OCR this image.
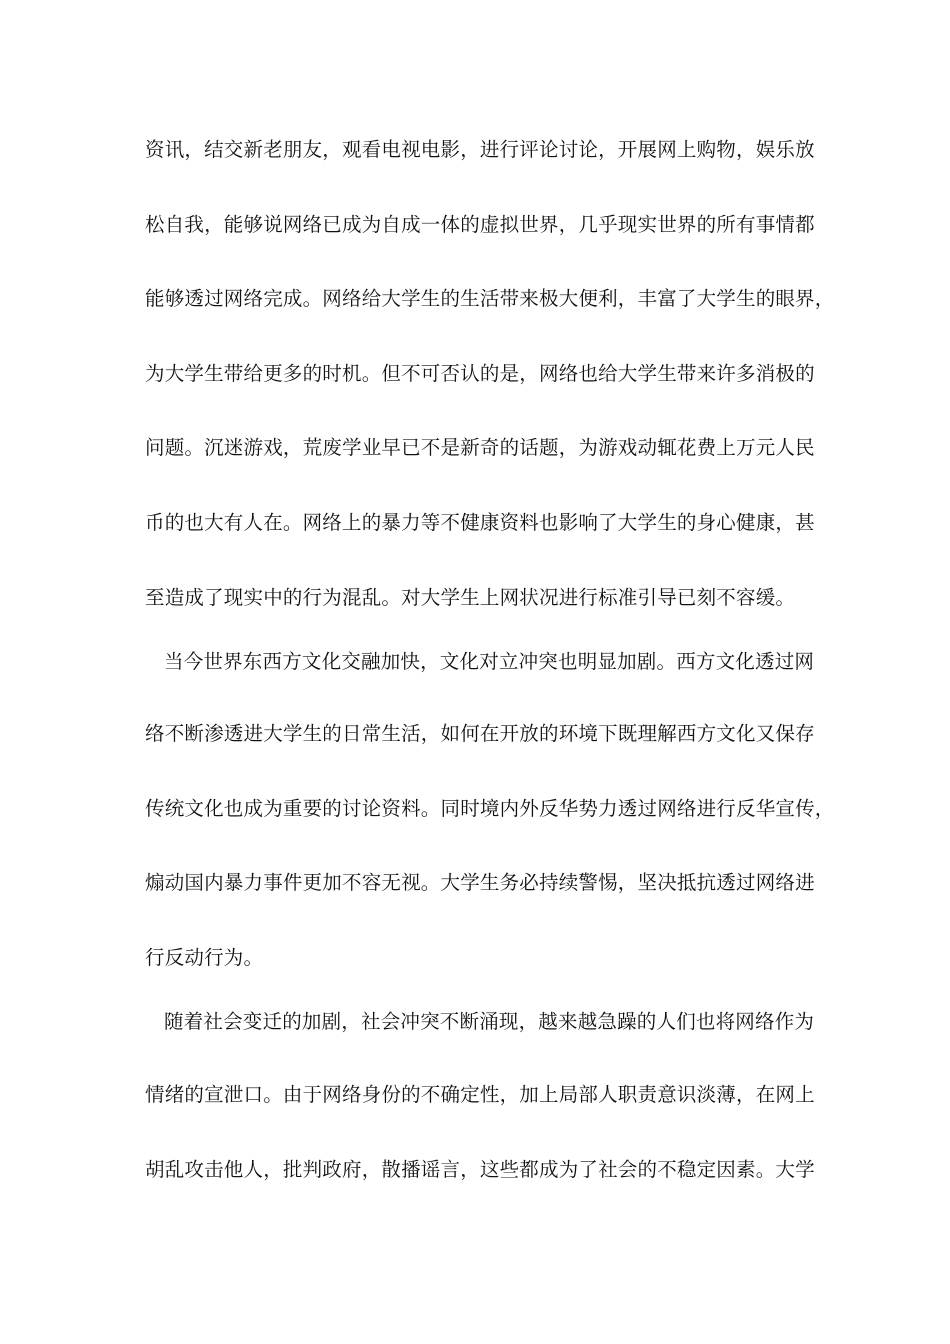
资讯，结交新老朋友，观看电视电影，进行评论讨论，开展网上购物，娱乐放
松自我，能够说网络已成为自成一体的虚拟世界，几乎现实世界的所有事情都
能够透过网络完成。网络给大学生的生活带来极大便利，丰富了大学生的眼界，
为大学生带给更多的时机。但不可否认的是，网络也给大学生带来许多消极的
问题。沉迷游戏，荒废学业早已不是新奇的话题，为游戏动辄花费上万元人民
币的也大有人在。网络上的暴力等不健康资料也影响了大学生的身心健康，甚
至造成了现实中的行为混乱。对大学生上网状况进行标准引导已刻不容缓。
当今世界东西方文化交融加快，文化对立冲突也明显加剧。西方文化透过网
络不断渗透进大学生的日常生活，如何在开放的环境下既理解西方文化又保存
传统文化也成为重要的讨论资料。同时境内外反华势力透过网络进行反华宣传，
煽动国内暴力事件更加不容无视。大学生务必持续警惕，坚决抵抗透过网络进
行反动行为。
随着社会变迁的加剧，社会冲突不断涌现，越来越急躁的人们也将网络作为
情绪的宣泄口。由于网络身份的不确定性，加上局部人职责意识淡薄，在网上
胡乱攻击他人，批判政府，散播谣言，这些都成为了社会的不稳定因素。大学
